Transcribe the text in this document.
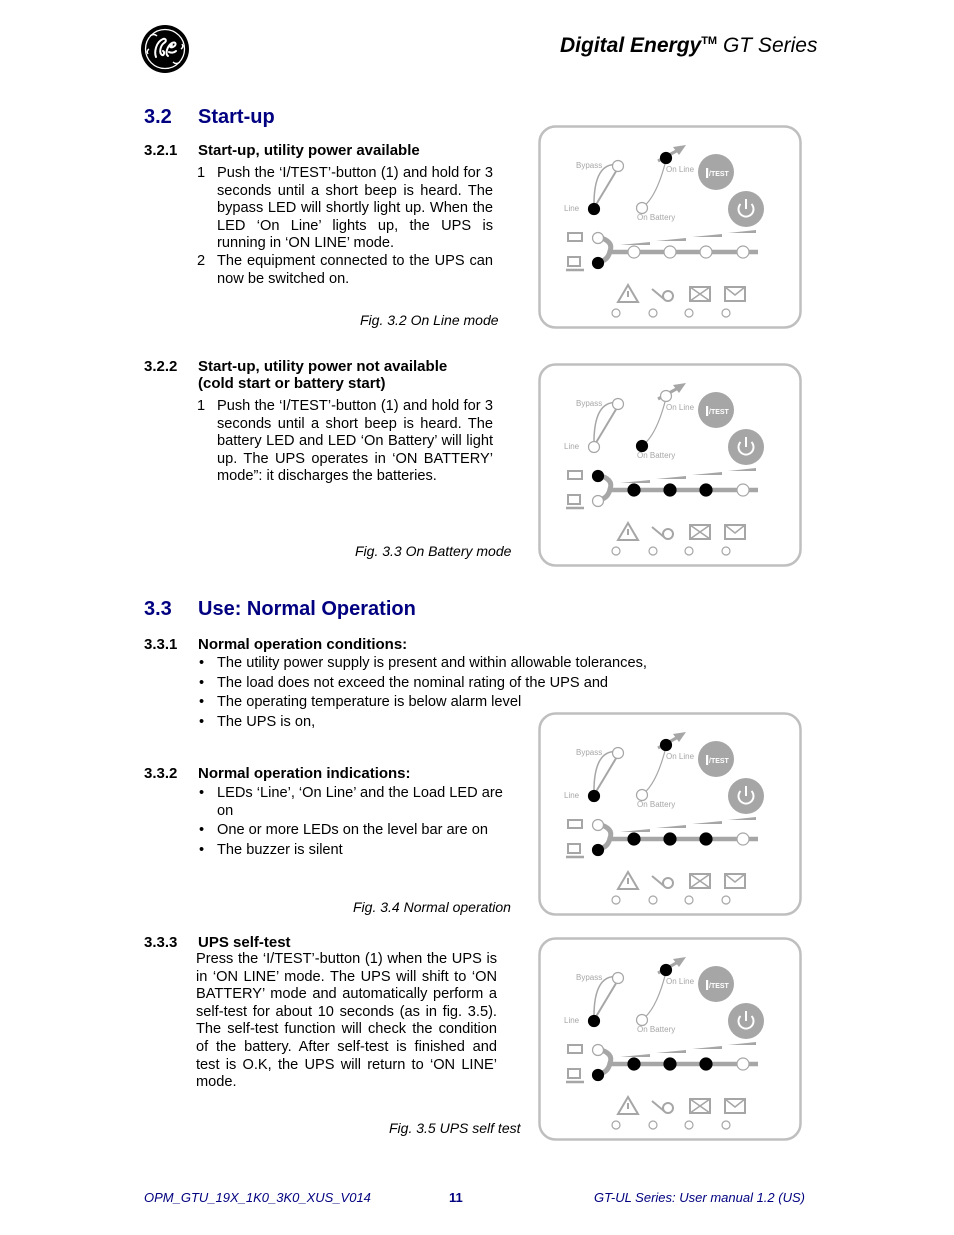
Digital Energy™ GT Series
3.2 Start-up
3.2.1 Start-up, utility power available
1 Push the ‘I/TEST’-button (1) and hold for 3 seconds until a short beep is heard. The bypass LED will shortly light up. When the LED ‘On Line’ lights up, the UPS is running in ‘ON LINE’ mode.
2 The equipment connected to the UPS can now be switched on.
Fig. 3.2 On Line mode
3.2.2 Start-up, utility power not available
(cold start or battery start)
1 Push the ‘I/TEST’-button (1) and hold for 3 seconds until a short beep is heard. The battery LED and LED ‘On Battery’ will light up. The UPS operates in ‘ON BATTERY’ mode”: it discharges the batteries.
Fig. 3.3 On Battery mode
3.3 Use: Normal Operation
3.3.1 Normal operation conditions:
• The utility power supply is present and within allowable tolerances,
• The load does not exceed the nominal rating of the UPS and
• The operating temperature is below alarm level
• The UPS is on,
3.3.2 Normal operation indications:
• LEDs ‘Line’, ‘On Line’ and the Load LED are on
• One or more LEDs on the level bar are on
• The buzzer is silent
Fig. 3.4 Normal operation
3.3.3 UPS self-test
Press the ‘I/TEST’-button (1) when the UPS is in ‘ON LINE’ mode. The UPS will shift to ‘ON BATTERY’ mode and automatically perform a self-test for about 10 seconds (as in fig. 3.5). The self-test function will check the condition of the battery. After self-test is finished and test is O.K, the UPS will return to ‘ON LINE’ mode.
Fig. 3.5 UPS self test
Bypass	On Line
Line
On Battery
I /TEST
Bypass	On Line
Line
On Battery
I /TEST
Bypass	On Line
Line
On Battery
I /TEST
Bypass	On Line
Line
On Battery
I /TEST
OPM_GTU_19X_1K0_3K0_XUS_V014	11	GT-UL Series: User manual 1.2 (US)
